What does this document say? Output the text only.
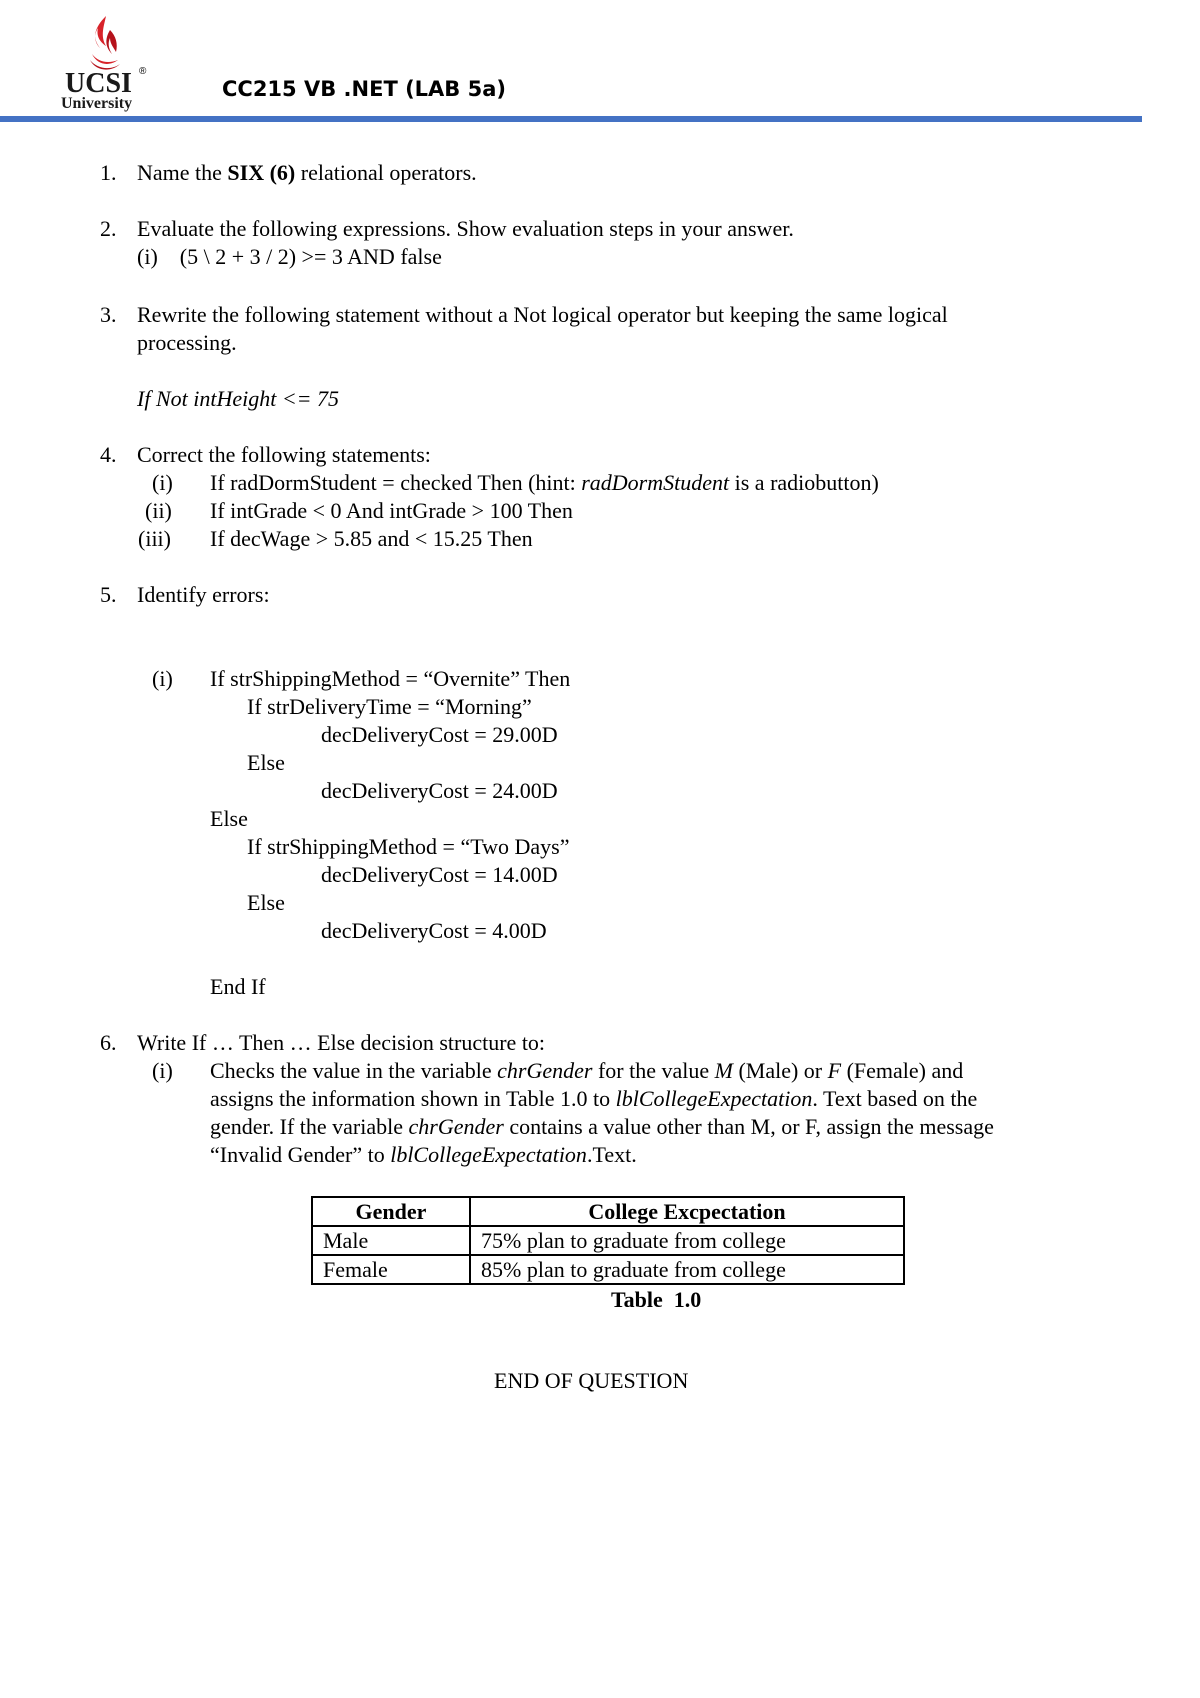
UCSI ®
University
CC215 VB .NET (LAB 5a)
1. Name the SIX (6) relational operators.
2. Evaluate the following expressions. Show evaluation steps in your answer.
(i)    (5 \ 2 + 3 / 2) >= 3 AND false
3. Rewrite the following statement without a Not logical operator but keeping the same logical
processing.
If Not intHeight <= 75
4. Correct the following statements:
(i) If radDormStudent = checked Then (hint: radDormStudent is a radiobutton)
(ii) If intGrade < 0 And intGrade > 100 Then
(iii) If decWage > 5.85 and < 15.25 Then
5. Identify errors:
(i) If strShippingMethod = “Overnite” Then
If strDeliveryTime = “Morning”
decDeliveryCost = 29.00D
Else
decDeliveryCost = 24.00D
Else
If strShippingMethod = “Two Days”
decDeliveryCost = 14.00D
Else
decDeliveryCost = 4.00D
End If
6. Write If … Then … Else decision structure to:
(i) Checks the value in the variable chrGender for the value M (Male) or F (Female) and
assigns the information shown in Table 1.0 to lblCollegeExpectation. Text based on the
gender. If the variable chrGender contains a value other than M, or F, assign the message
“Invalid Gender” to lblCollegeExpectation.Text.
Gender	College Excpectation
Male	75% plan to graduate from college
Female	85% plan to graduate from college
Table  1.0
END OF QUESTION
